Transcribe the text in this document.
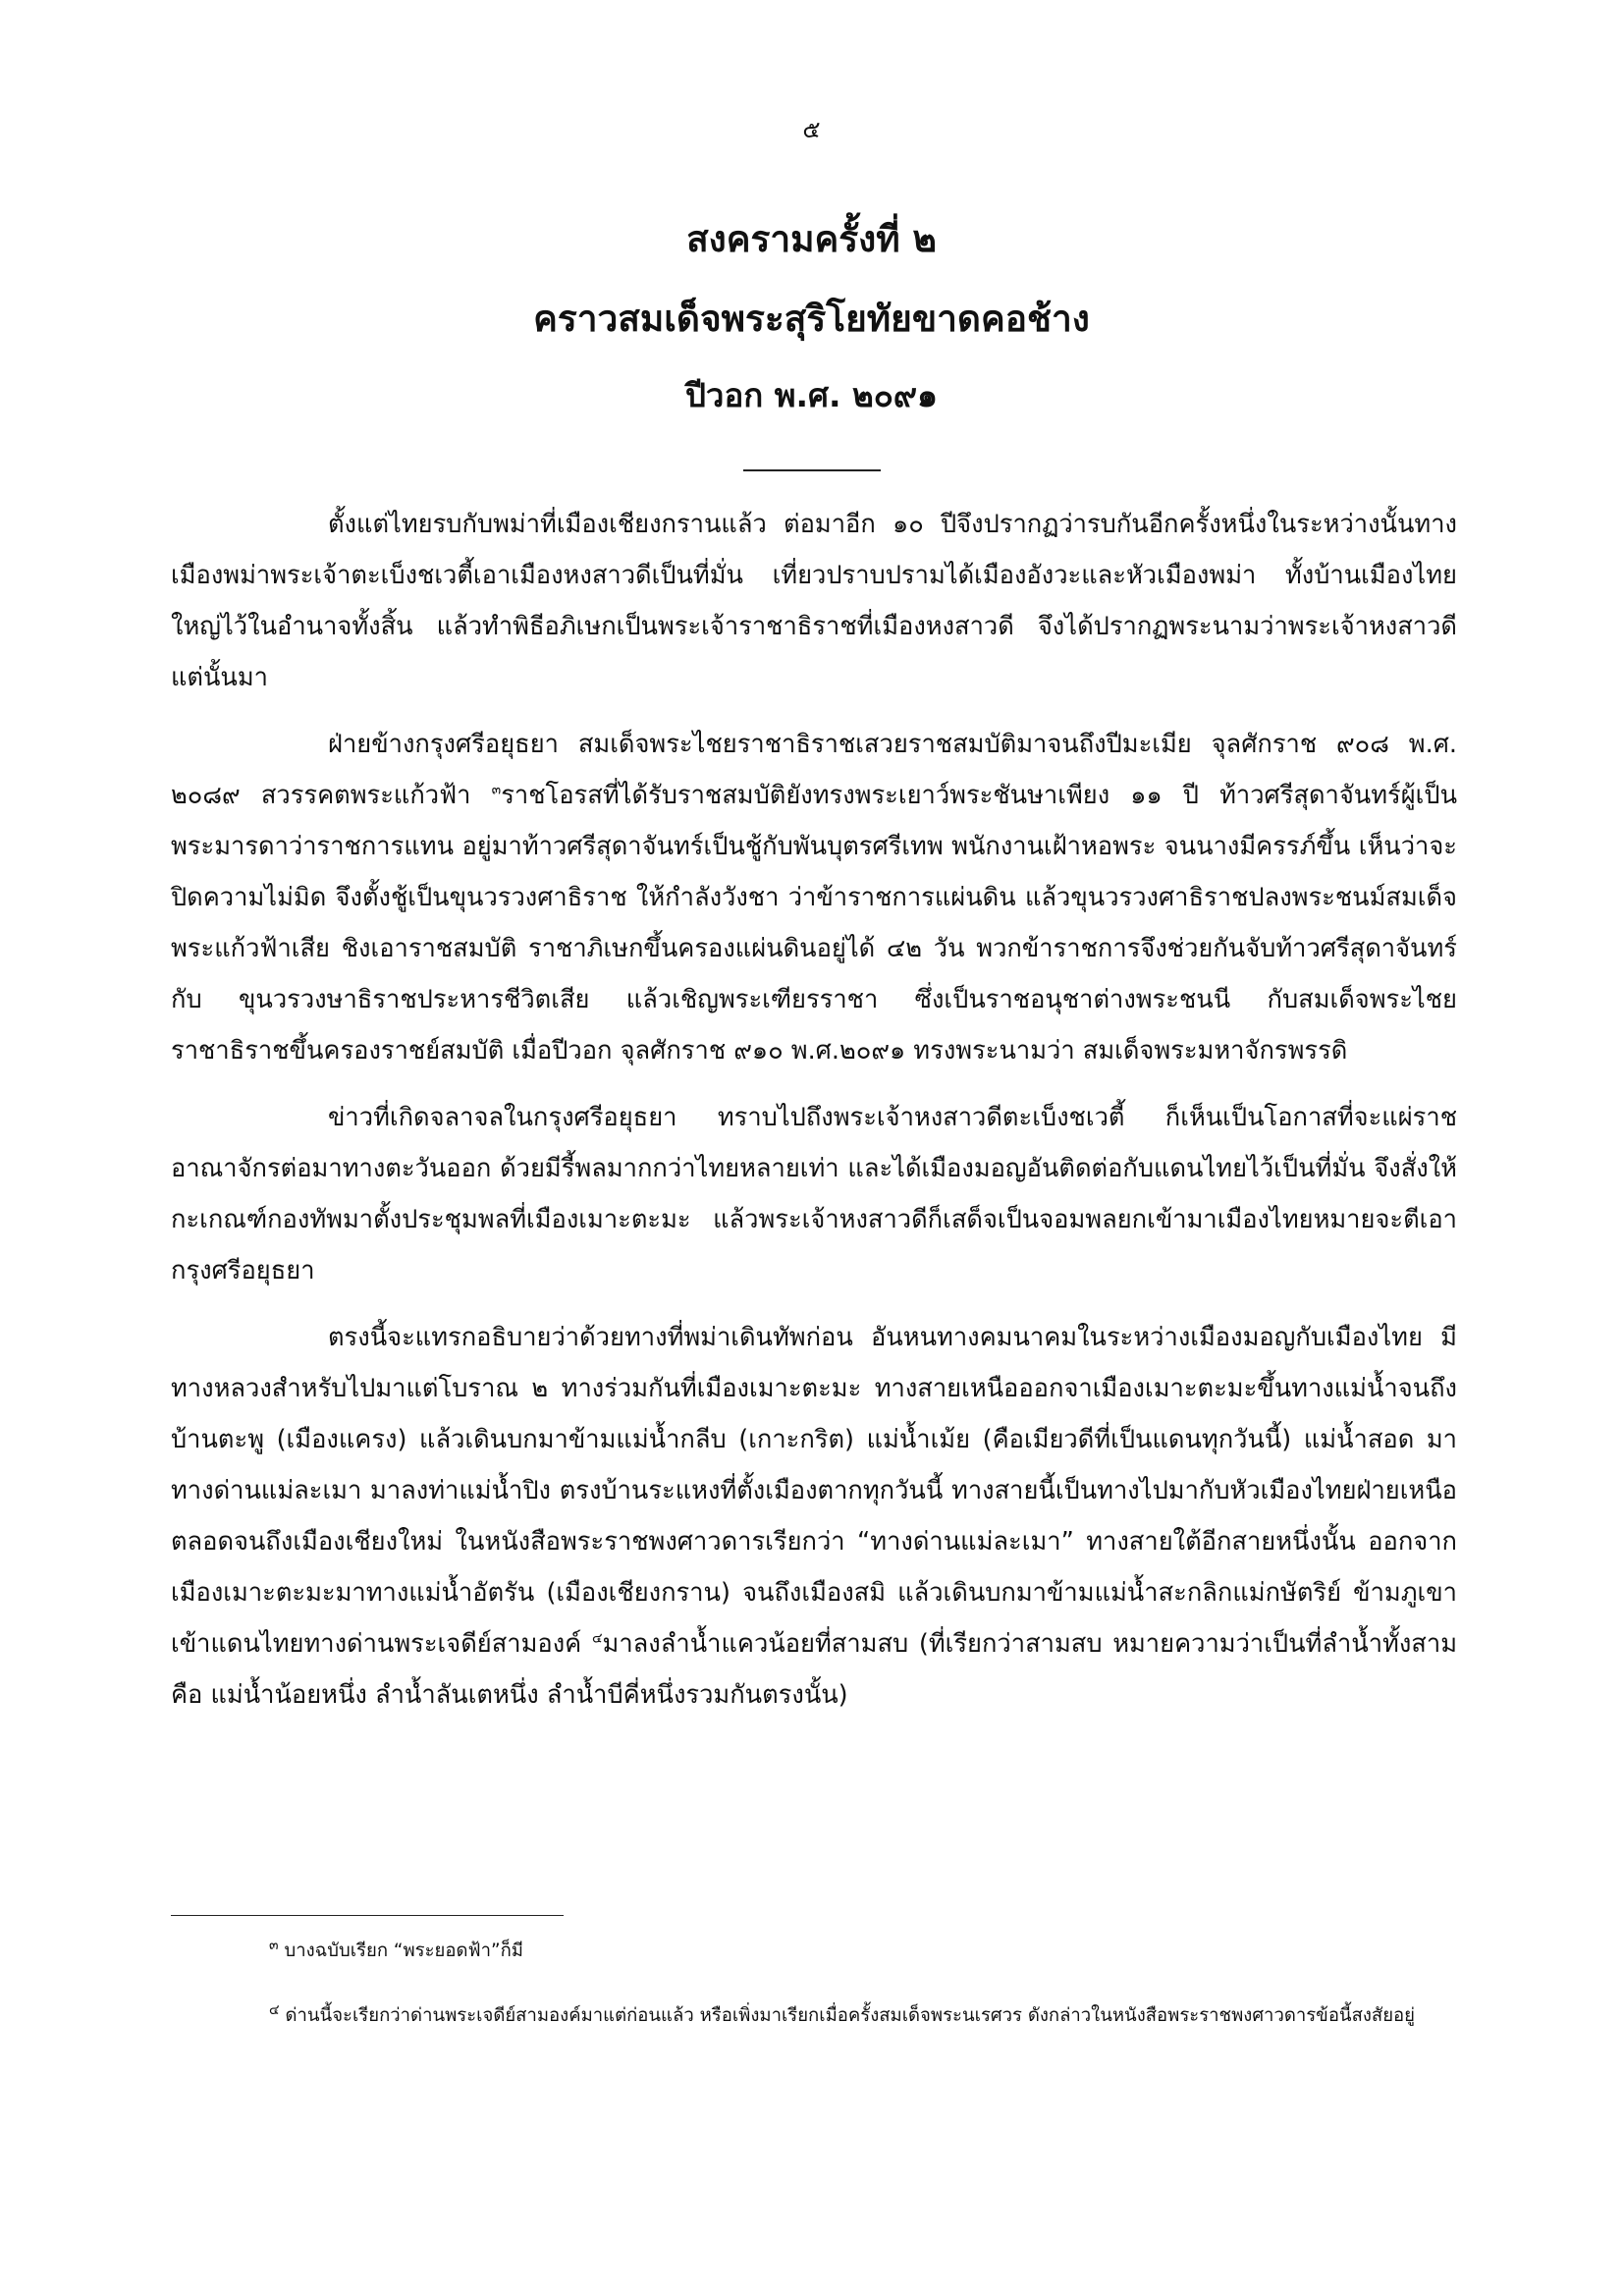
๕
สงครามครั้งที่ ๒
คราวสมเด็จพระสุริโยทัยขาดคอช้าง
ปีวอก พ.ศ. ๒๐๙๑

ตั้งแต่ไทยรบกับพม่าที่เมืองเชียงกรานแล้ว ต่อมาอีก ๑๐ ปีจึงปรากฏว่ารบกันอีกครั้งหนึ่งในระหว่างนั้นทางเมืองพม่าพระเจ้าตะเบ็งชเวตี้เอาเมืองหงสาวดีเป็นที่มั่น เที่ยวปราบปรามได้เมืองอังวะและหัวเมืองพม่า ทั้งบ้านเมืองไทยใหญ่ไว้ในอำนาจทั้งสิ้น แล้วทำพิธีอภิเษกเป็นพระเจ้าราชาธิราชที่เมืองหงสาวดี จึงได้ปรากฏพระนามว่าพระเจ้าหงสาวดี แต่นั้นมา

ฝ่ายข้างกรุงศรีอยุธยา สมเด็จพระไชยราชาธิราชเสวยราชสมบัติมาจนถึงปีมะเมีย จุลศักราช ๙๐๘ พ.ศ. ๒๐๘๙ สวรรคตพระแก้วฟ้า $^๓$ราชโอรสที่ได้รับราชสมบัติยังทรงพระเยาว์พระชันษาเพียง ๑๑ ปี ท้าวศรีสุดาจันทร์ผู้เป็นพระมารดาว่าราชการแทน อยู่มาท้าวศรีสุดาจันทร์เป็นชู้กับพันบุตรศรีเทพ พนักงานเฝ้าหอพระ จนนางมีครรภ์ขึ้น เห็นว่าจะปิดความไม่มิด จึงตั้งชู้เป็นขุนวรวงศาธิราช ให้กำลังวังชา ว่าข้าราชการแผ่นดิน แล้วขุนวรวงศาธิราชปลงพระชนม์สมเด็จพระแก้วฟ้าเสีย ชิงเอาราชสมบัติ ราชาภิเษกขึ้นครองแผ่นดินอยู่ได้ ๔๒ วัน พวกข้าราชการจึงช่วยกันจับท้าวศรีสุดาจันทร์ กับ ขุนวรวงษาธิราชประหารชีวิตเสีย แล้วเชิญพระเฑียรราชา ซึ่งเป็นราชอนุชาต่างพระชนนี กับสมเด็จพระไชยราชาธิราชขึ้นครองราชย์สมบัติ เมื่อปีวอก จุลศักราช ๙๑๐ พ.ศ.๒๐๙๑ ทรงพระนามว่า สมเด็จพระมหาจักรพรรดิ

ข่าวที่เกิดจลาจลในกรุงศรีอยุธยา ทราบไปถึงพระเจ้าหงสาวดีตะเบ็งชเวตี้ ก็เห็นเป็นโอกาสที่จะแผ่ราชอาณาจักรต่อมาทางตะวันออก ด้วยมีรี้พลมากกว่าไทยหลายเท่า และได้เมืองมอญอันติดต่อกับแดนไทยไว้เป็นที่มั่น จึงสั่งให้กะเกณฑ์กองทัพมาตั้งประชุมพลที่เมืองเมาะตะมะ แล้วพระเจ้าหงสาวดีก็เสด็จเป็นจอมพลยกเข้ามาเมืองไทยหมายจะตีเอากรุงศรีอยุธยา

ตรงนี้จะแทรกอธิบายว่าด้วยทางที่พม่าเดินทัพก่อน อันหนทางคมนาคมในระหว่างเมืองมอญกับเมืองไทย มีทางหลวงสำหรับไปมาแต่โบราณ ๒ ทางร่วมกันที่เมืองเมาะตะมะ ทางสายเหนือออกจาเมืองเมาะตะมะขึ้นทางแม่น้ำจนถึงบ้านตะพู (เมืองแครง) แล้วเดินบกมาข้ามแม่น้ำกลีบ (เกาะกริต) แม่น้ำเม้ย (คือเมียวดีที่เป็นแดนทุกวันนี้) แม่น้ำสอด มาทางด่านแม่ละเมา มาลงท่าแม่น้ำปิง ตรงบ้านระแหงที่ตั้งเมืองตากทุกวันนี้ ทางสายนี้เป็นทางไปมากับหัวเมืองไทยฝ่ายเหนือตลอดจนถึงเมืองเชียงใหม่ ในหนังสือพระราชพงศาวดารเรียกว่า “ทางด่านแม่ละเมา” ทางสายใต้อีกสายหนึ่งนั้น ออกจากเมืองเมาะตะมะมาทางแม่น้ำอัตรัน (เมืองเชียงกราน) จนถึงเมืองสมิ แล้วเดินบกมาข้ามแม่น้ำสะกลิกแม่กษัตริย์ ข้ามภูเขาเข้าแดนไทยทางด่านพระเจดีย์สามองค์ $^๔$มาลงลำน้ำแควน้อยที่สามสบ (ที่เรียกว่าสามสบ หมายความว่าเป็นที่ลำน้ำทั้งสามคือ แม่น้ำน้อยหนึ่ง ลำน้ำลันเตหนึ่ง ลำน้ำบีคี่หนึ่งรวมกันตรงนั้น)

$^๓$ บางฉบับเรียก “พระยอดฟ้า”ก็มี

$^๔$ ด่านนี้จะเรียกว่าด่านพระเจดีย์สามองค์มาแต่ก่อนแล้ว หรือเพิ่งมาเรียกเมื่อครั้งสมเด็จพระนเรศวร ดังกล่าวในหนังสือพระราชพงศาวดารข้อนี้สงสัยอยู่
